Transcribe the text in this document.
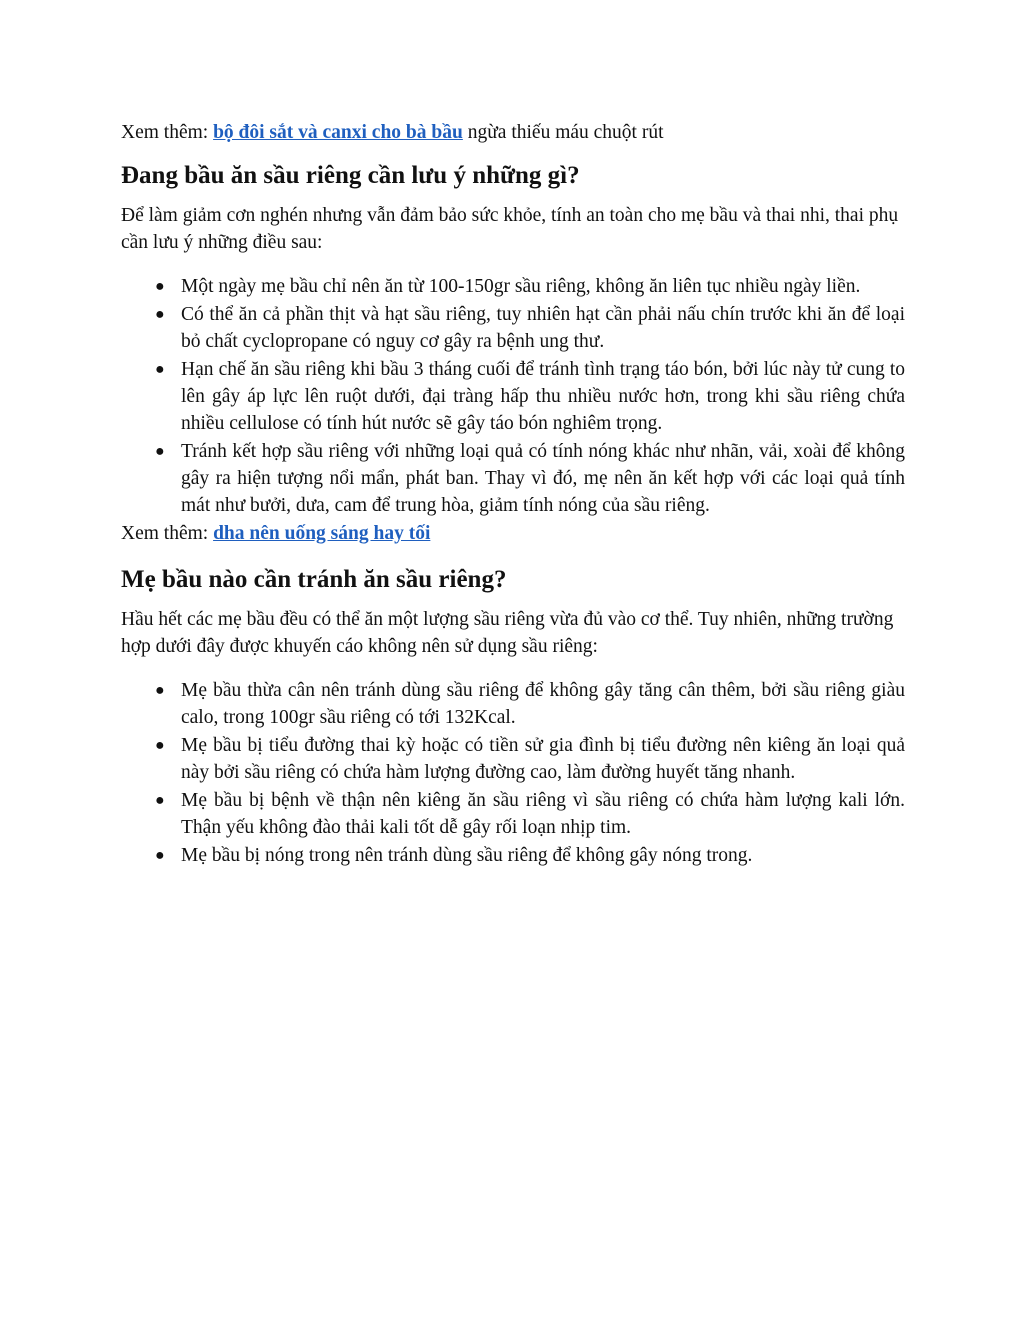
Xem thêm: bộ đôi sắt và canxi cho bà bầu ngừa thiếu máu chuột rút

Đang bầu ăn sầu riêng cần lưu ý những gì?

Để làm giảm cơn nghén nhưng vẫn đảm bảo sức khỏe, tính an toàn cho mẹ bầu và thai nhi, thai phụ cần lưu ý những điều sau:

● Một ngày mẹ bầu chỉ nên ăn từ 100-150gr sầu riêng, không ăn liên tục nhiều ngày liền.
● Có thể ăn cả phần thịt và hạt sầu riêng, tuy nhiên hạt cần phải nấu chín trước khi ăn để loại bỏ chất cyclopropane có nguy cơ gây ra bệnh ung thư.
● Hạn chế ăn sầu riêng khi bầu 3 tháng cuối để tránh tình trạng táo bón, bởi lúc này tử cung to lên gây áp lực lên ruột dưới, đại tràng hấp thu nhiều nước hơn, trong khi sầu riêng chứa nhiều cellulose có tính hút nước sẽ gây táo bón nghiêm trọng.
● Tránh kết hợp sầu riêng với những loại quả có tính nóng khác như nhãn, vải, xoài để không gây ra hiện tượng nổi mẩn, phát ban. Thay vì đó, mẹ nên ăn kết hợp với các loại quả tính mát như bưởi, dưa, cam để trung hòa, giảm tính nóng của sầu riêng.

Xem thêm: dha nên uống sáng hay tối

Mẹ bầu nào cần tránh ăn sầu riêng?

Hầu hết các mẹ bầu đều có thể ăn một lượng sầu riêng vừa đủ vào cơ thể. Tuy nhiên, những trường hợp dưới đây được khuyến cáo không nên sử dụng sầu riêng:

● Mẹ bầu thừa cân nên tránh dùng sầu riêng để không gây tăng cân thêm, bởi sầu riêng giàu calo, trong 100gr sầu riêng có tới 132Kcal.
● Mẹ bầu bị tiểu đường thai kỳ hoặc có tiền sử gia đình bị tiểu đường nên kiêng ăn loại quả này bởi sầu riêng có chứa hàm lượng đường cao, làm đường huyết tăng nhanh.
● Mẹ bầu bị bệnh về thận nên kiêng ăn sầu riêng vì sầu riêng có chứa hàm lượng kali lớn. Thận yếu không đào thải kali tốt dễ gây rối loạn nhịp tim.
● Mẹ bầu bị nóng trong nên tránh dùng sầu riêng để không gây nóng trong.
